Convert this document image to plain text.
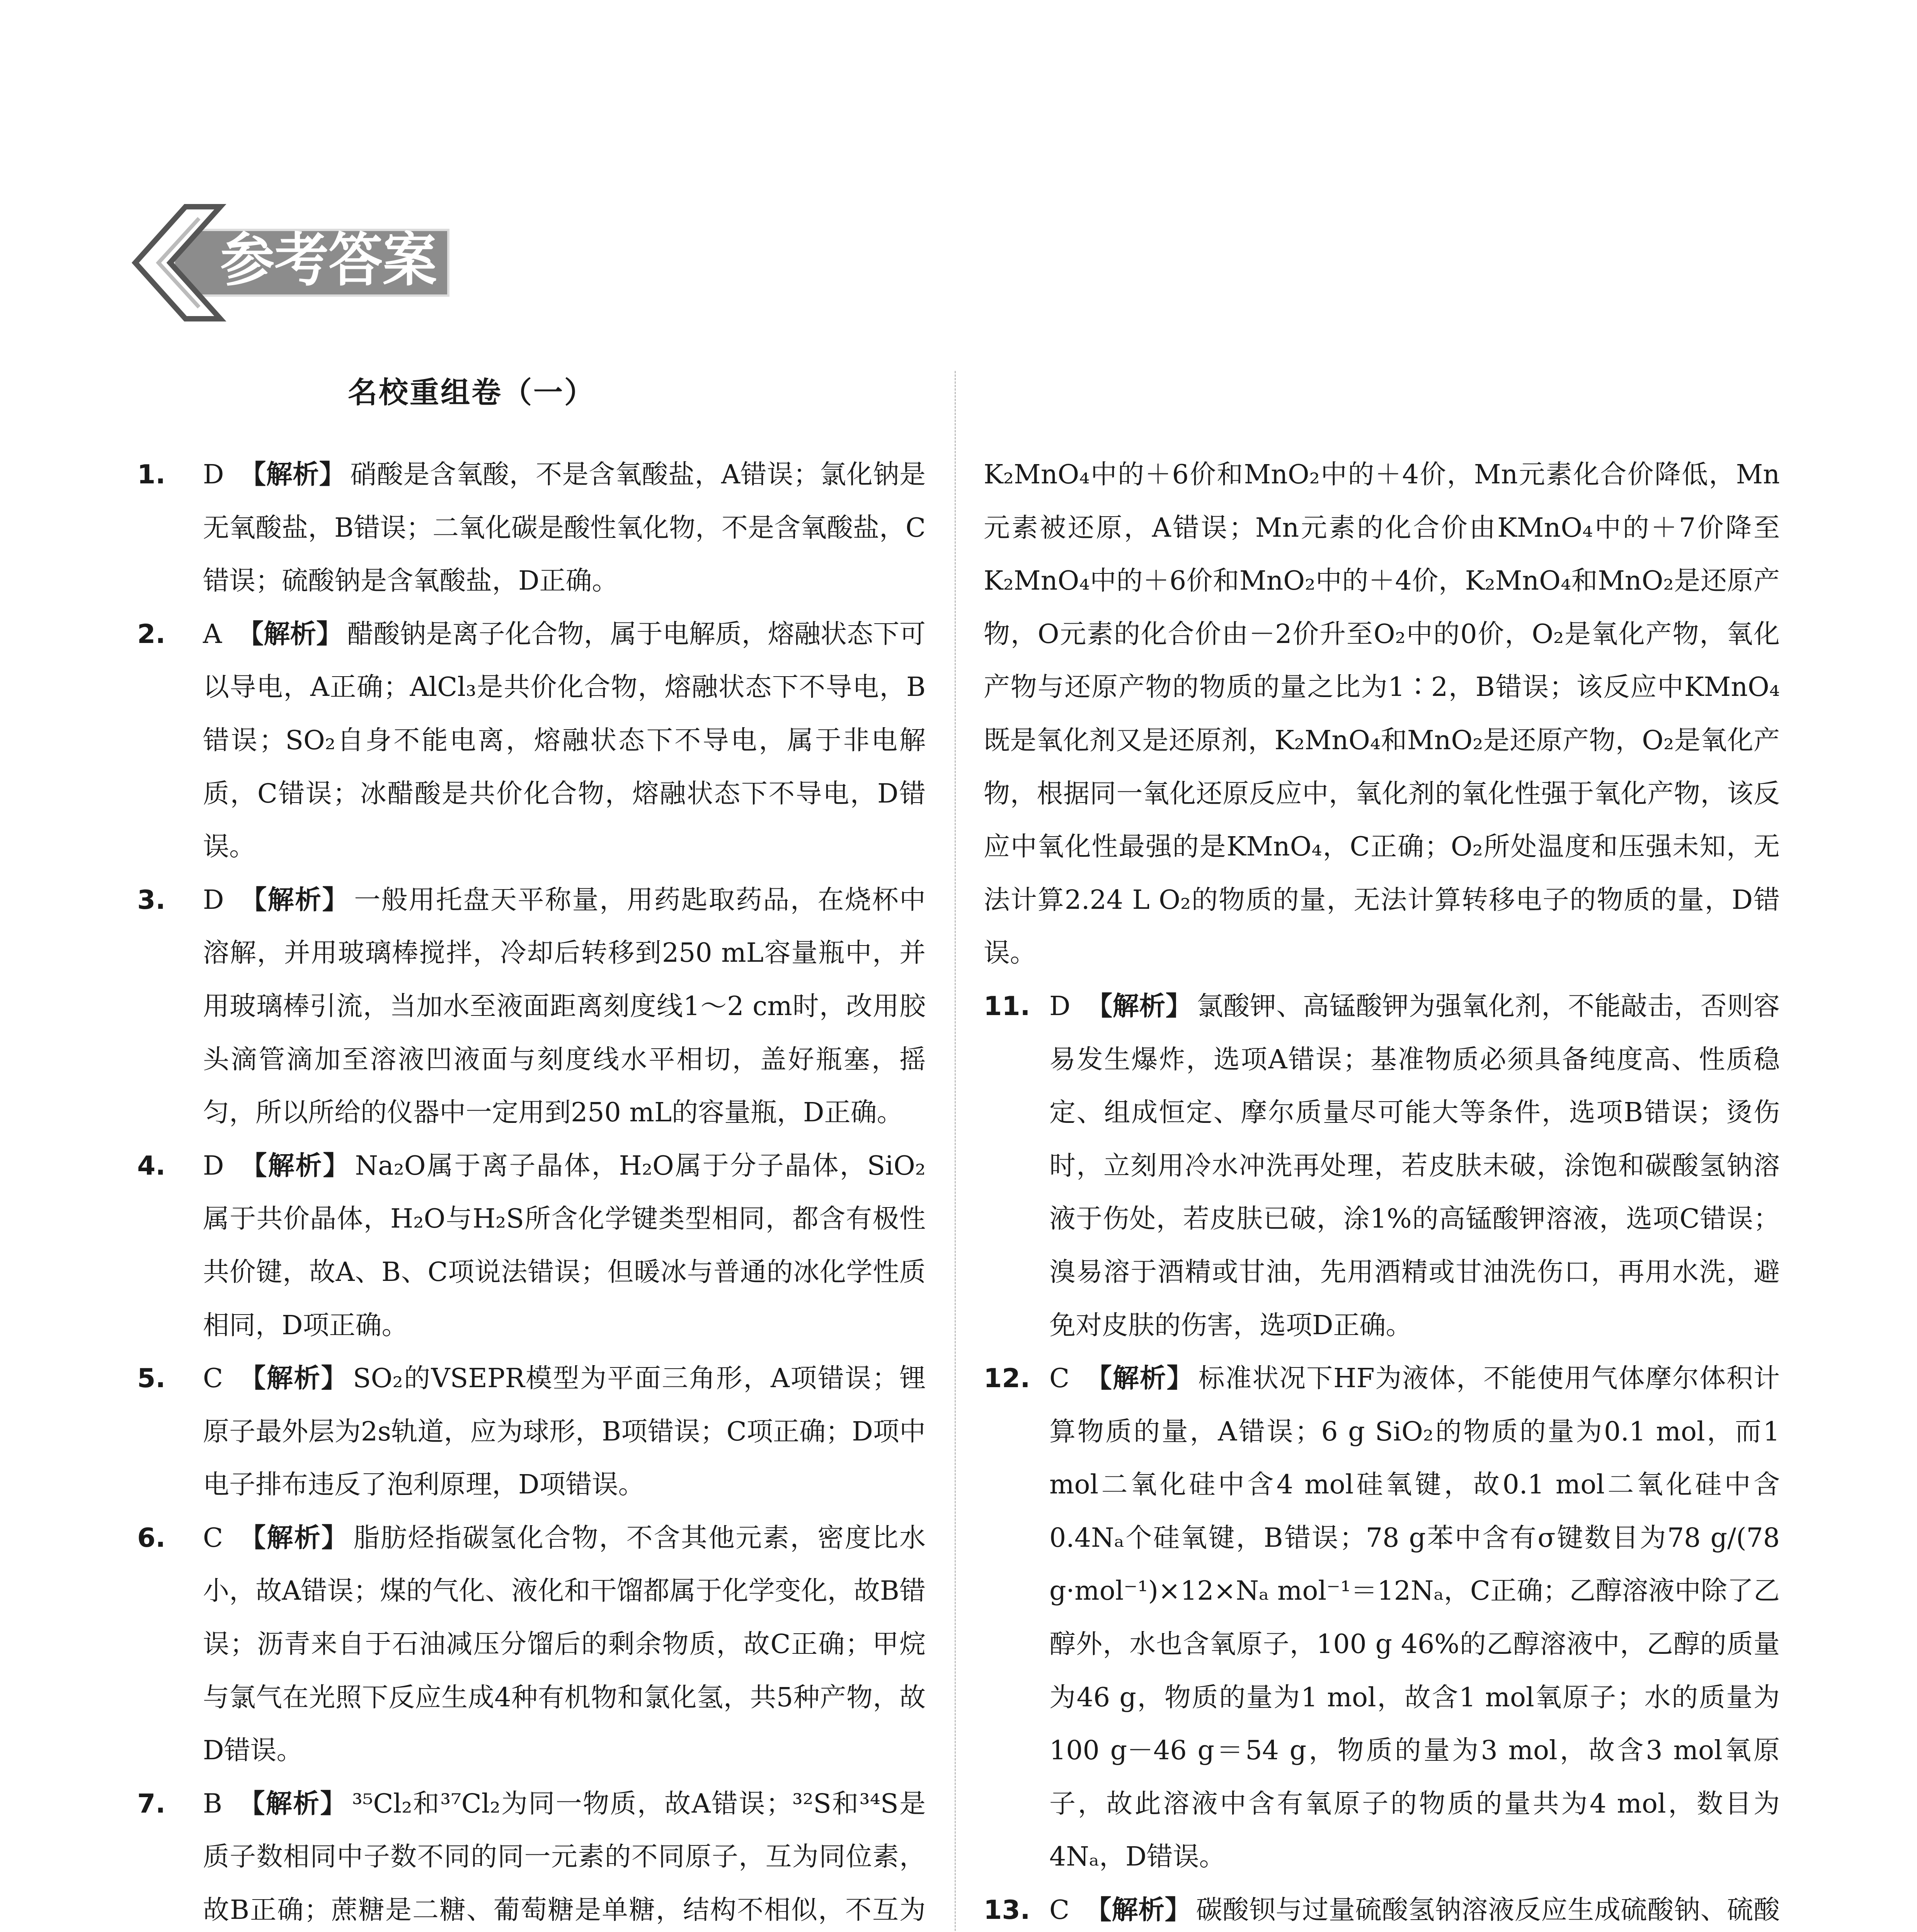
参考答案
名校重组卷（一）

1. D 【解析】 硝酸是含氧酸，不是含氧酸盐，A错误；氯化钠是无氧酸盐，B错误；二氧化碳是酸性氧化物，不是含氧酸盐，C错误；硫酸钠是含氧酸盐，D正确。

2. A 【解析】 醋酸钠是离子化合物，属于电解质，熔融状态下可以导电，A正确；AlCl₃是共价化合物，熔融状态下不导电，B错误；SO₂自身不能电离，熔融状态下不导电，属于非电解质，C错误；冰醋酸是共价化合物，熔融状态下不导电，D错误。

3. D 【解析】 一般用托盘天平称量，用药匙取药品，在烧杯中溶解，并用玻璃棒搅拌，冷却后转移到250 mL容量瓶中，并用玻璃棒引流，当加水至液面距离刻度线1～2 cm时，改用胶头滴管滴加至溶液凹液面与刻度线水平相切，盖好瓶塞，摇匀，所以所给的仪器中一定用到250 mL的容量瓶，D正确。

4. D 【解析】 Na₂O属于离子晶体，H₂O属于分子晶体，SiO₂属于共价晶体，H₂O与H₂S所含化学键类型相同，都含有极性共价键，故A、B、C项说法错误；但暖冰与普通的冰化学性质相同，D项正确。

5. C 【解析】 SO₂的VSEPR模型为平面三角形，A项错误；锂原子最外层为2s轨道，应为球形，B项错误；C项正确；D项中电子排布违反了泡利原理，D项错误。

6. C 【解析】 脂肪烃指碳氢化合物，不含其他元素，密度比水小，故A错误；煤的气化、液化和干馏都属于化学变化，故B错误；沥青来自于石油减压分馏后的剩余物质，故C正确；甲烷与氯气在光照下反应生成4种有机物和氯化氢，共5种产物，故D错误。

7. B 【解析】 ³⁵Cl₂和³⁷Cl₂为同一物质，故A错误；³²S和³⁴S是质子数相同中子数不同的同一元素的不同原子，互为同位素，故B正确；蔗糖是二糖、葡萄糖是单糖，结构不相似，不互为

K₂MnO₄中的＋6价和MnO₂中的＋4价，Mn元素化合价降低，Mn元素被还原，A错误；Mn元素的化合价由KMnO₄中的＋7价降至K₂MnO₄中的＋6价和MnO₂中的＋4价，K₂MnO₄和MnO₂是还原产物，O元素的化合价由－2价升至O₂中的0价，O₂是氧化产物，氧化产物与还原产物的物质的量之比为1∶2，B错误；该反应中KMnO₄既是氧化剂又是还原剂，K₂MnO₄和MnO₂是还原产物，O₂是氧化产物，根据同一氧化还原反应中，氧化剂的氧化性强于氧化产物，该反应中氧化性最强的是KMnO₄，C正确；O₂所处温度和压强未知，无法计算2.24 L O₂的物质的量，无法计算转移电子的物质的量，D错误。

11. D 【解析】 氯酸钾、高锰酸钾为强氧化剂，不能敲击，否则容易发生爆炸，选项A错误；基准物质必须具备纯度高、性质稳定、组成恒定、摩尔质量尽可能大等条件，选项B错误；烫伤时，立刻用冷水冲洗再处理，若皮肤未破，涂饱和碳酸氢钠溶液于伤处，若皮肤已破，涂1%的高锰酸钾溶液，选项C错误；溴易溶于酒精或甘油，先用酒精或甘油洗伤口，再用水洗，避免对皮肤的伤害，选项D正确。

12. C 【解析】 标准状况下HF为液体，不能使用气体摩尔体积计算物质的量，A错误；6 g SiO₂的物质的量为0.1 mol，而1 mol二氧化硅中含4 mol硅氧键，故0.1 mol二氧化硅中含0.4Nₐ个硅氧键，B错误；78 g苯中含有σ键数目为78 g/(78 g·mol⁻¹)×12×Nₐ mol⁻¹＝12Nₐ，C正确；乙醇溶液中除了乙醇外，水也含氧原子，100 g 46%的乙醇溶液中，乙醇的质量为46 g，物质的量为1 mol，故含1 mol氧原子；水的质量为100 g－46 g＝54 g，物质的量为3 mol，故含3 mol氧原子，故此溶液中含有氧原子的物质的量共为4 mol，数目为4Nₐ，D错误。

13. C 【解析】 碳酸钡与过量硫酸氢钠溶液反应生成硫酸钠、硫酸
